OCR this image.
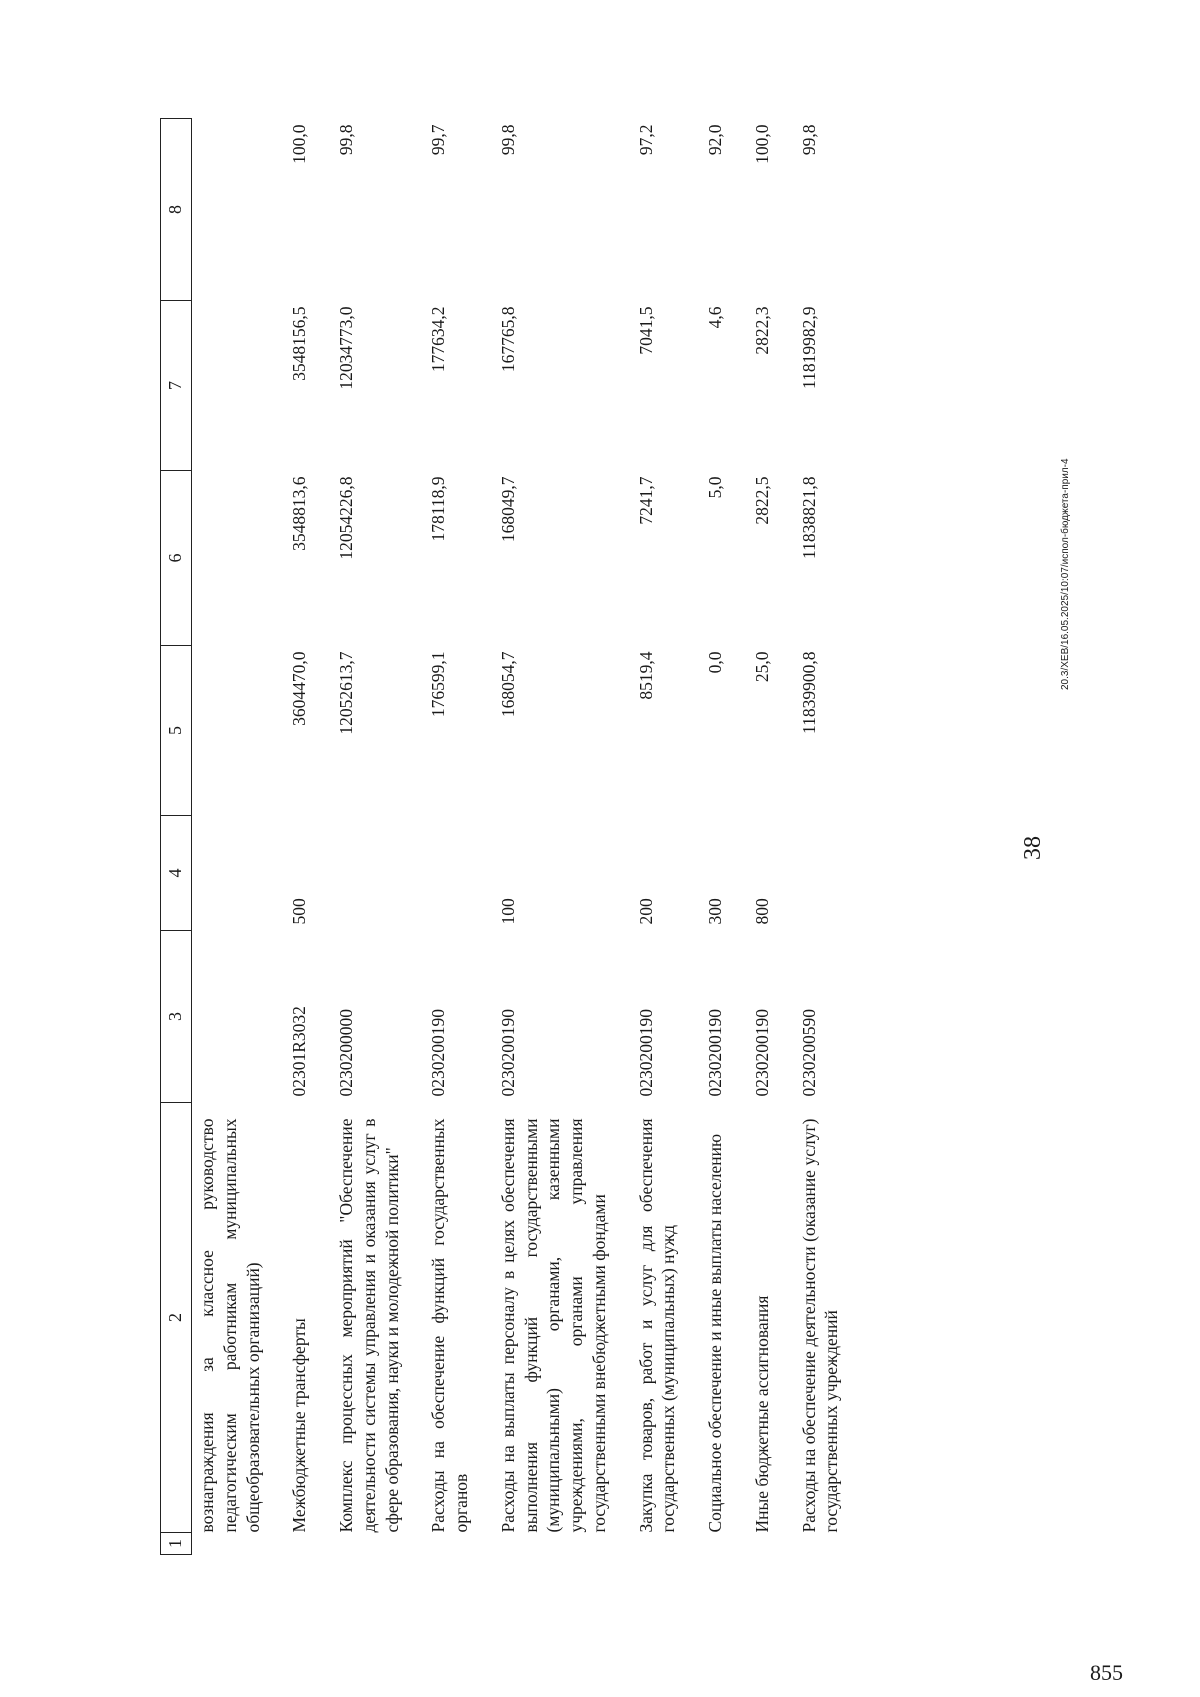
1	2	3	4	5	6	7	8
	вознаграждения за классное руководство педагогическим работникам муниципальных общеобразовательных организаций)						
	Межбюджетные трансферты	02301R3032	500	3604470,0	3548813,6	3548156,5	100,0
	Комплекс процессных мероприятий "Обеспечение деятельности системы управления и оказания услуг в сфере образования, науки и молодежной политики"	0230200000		12052613,7	12054226,8	12034773,0	99,8
	Расходы на обеспечение функций государственных органов	0230200190		176599,1	178118,9	177634,2	99,7
	Расходы на выплаты персоналу в целях обеспечения выполнения функций государственными (муниципальными) органами, казенными учреждениями, органами управления государственными внебюджетными фондами	0230200190	100	168054,7	168049,7	167765,8	99,8
	Закупка товаров, работ и услуг для обеспечения государственных (муниципальных) нужд	0230200190	200	8519,4	7241,7	7041,5	97,2
	Социальное обеспечение и иные выплаты населению	0230200190	300	0,0	5,0	4,6	92,0
	Иные бюджетные ассигнования	0230200190	800	25,0	2822,5	2822,3	100,0
	Расходы на обеспечение деятельности (оказание услуг) государственных учреждений	0230200590		11839900,8	11838821,8	11819982,9	99,8
38
20.3/XEB/16.05.2025/10:07/испол-бюджета-прил-4
855
